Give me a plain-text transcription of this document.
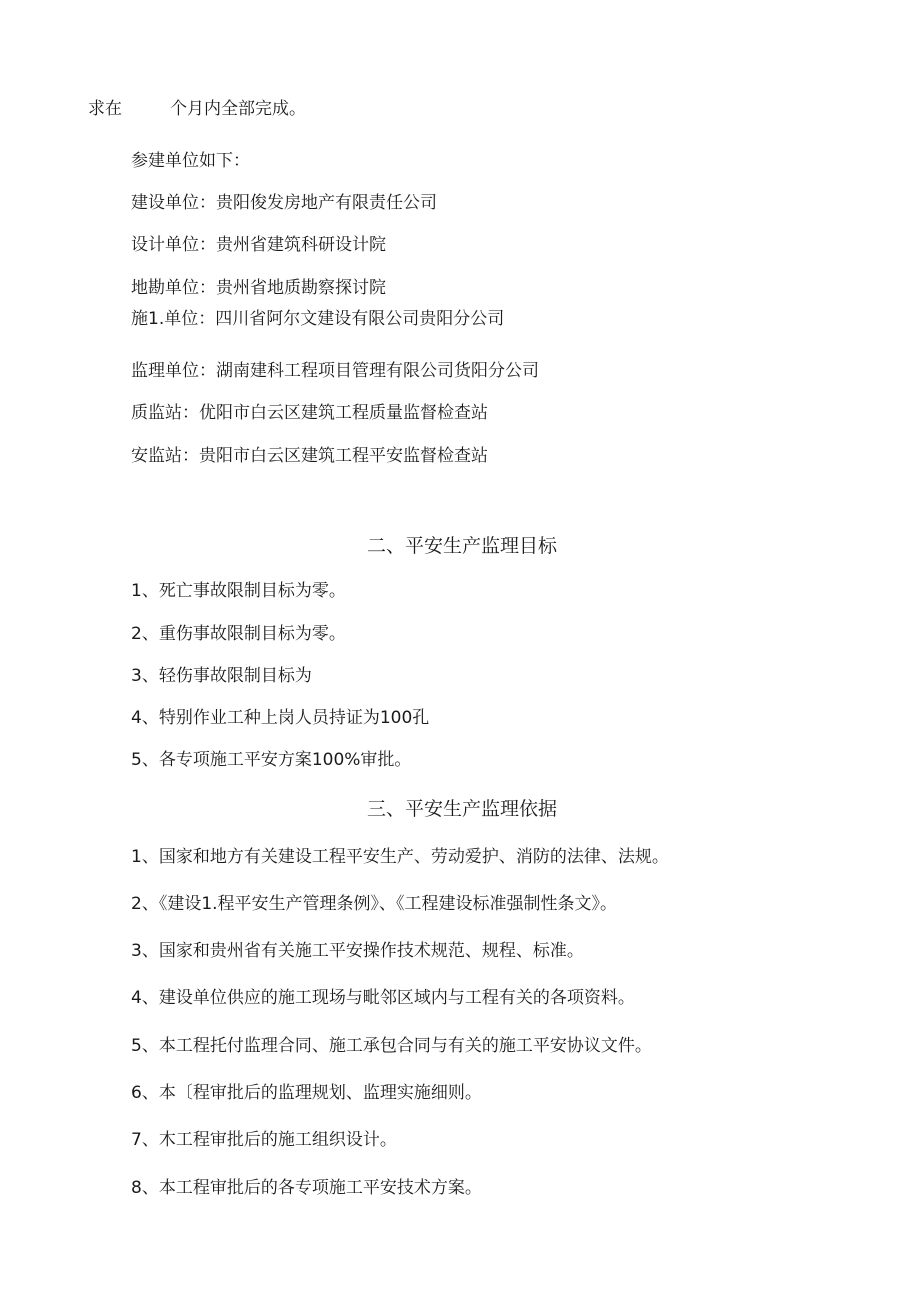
求在	个月内全部完成。
参建单位如下：
建设单位：贵阳俊发房地产有限责任公司
设计单位：贵州省建筑科研设计院
地勘单位：贵州省地质勘察探讨院
施1.单位：四川省阿尔文建设有限公司贵阳分公司
监理单位：湖南建科工程项目管理有限公司货阳分公司
质监站：优阳市白云区建筑工程质量监督检查站
安监站：贵阳市白云区建筑工程平安监督检查站
二、平安生产监理目标
1、死亡事故限制目标为零。
2、重伤事故限制目标为零。
3、轻伤事故限制目标为
4、特别作业工种上岗人员持证为100孔
5、各专项施工平安方案100%审批。
三、平安生产监理依据
1、国家和地方有关建设工程平安生产、劳动爱护、消防的法律、法规。
2、《建设1.程平安生产管理条例》、《工程建设标准强制性条文》。
3、国家和贵州省有关施工平安操作技术规范、规程、标准。
4、建设单位供应的施工现场与毗邻区域内与工程有关的各项资料。
5、本工程托付监理合同、施工承包合同与有关的施工平安协议文件。
6、本〔程审批后的监理规划、监理实施细则。
7、木工程审批后的施工组织设计。
8、本工程审批后的各专项施工平安技术方案。
